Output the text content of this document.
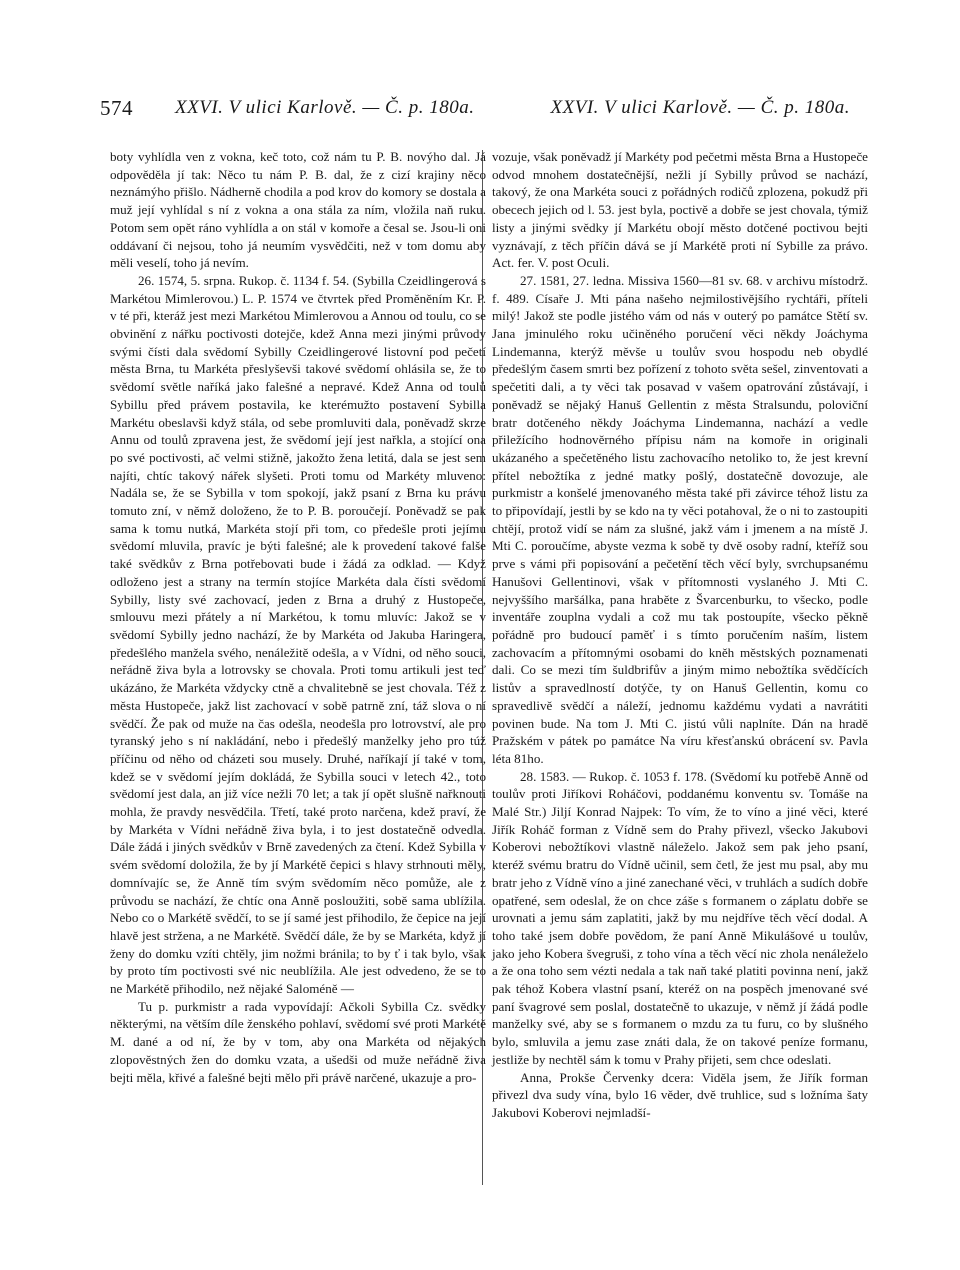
574 XXVI. V ulici Karlově. — Č. p. 180a.	XXVI. V ulici Karlově. — Č. p. 180a.

boty vyhlídla ven z vokna, keč toto, což nám tu P. B. novýho dal. Já odpověděla jí tak: Něco tu nám P. B. dal, že z cizí krajiny něco neznámýho přišlo. Nádherně chodila a pod krov do komory se dostala a muž její vyhlídal s ní z vokna a ona stála za ním, vložila naň ruku. Potom sem opět ráno vyhlídla a on stál v komoře a česal se. Jsou-li oni oddávaní či nejsou, toho já neumím vysvědčiti, než v tom domu aby měli veselí, toho já nevím.

26. 1574, 5. srpna. Rukop. č. 1134 f. 54. (Sybilla Czeidlingerová s Markétou Mimlerovou.) L. P. 1574 ve čtvrtek před Proměněním Kr. P. v té při, kteráž jest mezi Markétou Mimlerovou a Annou od toulu, co se obvinění z nářku poctivosti dotejče, kdež Anna mezi jinými průvody svými čísti dala svědomí Sybilly Czeidlingerové listovní pod pečetí města Brna, tu Markéta přeslyševši takové svědomí ohlásila se, že to svědomí světle naříká jako falešné a nepravé. Kdež Anna od toulů Sybillu před právem postavila, ke kterémužto postavení Sybilla Markétu obeslavši když stála, od sebe promluviti dala, poněvadž skrze Annu od toulů zpravena jest, že svědomí její jest nařkla, a stojící ona po své poctivosti, ač velmi stižně, jakožto žena letitá, dala se jest sem najíti, chtíc takový nářek slyšeti. Proti tomu od Markéty mluveno: Nadála se, že se Sybilla v tom spokojí, jakž psaní z Brna ku právu tomuto zní, v němž doloženo, že to P. B. poroučejí. Poněvadž se pak sama k tomu nutká, Markéta stojí při tom, co předešle proti jejímu svědomí mluvila, pravíc je býti falešné; ale k provedení takové falše také svědkův z Brna potřebovati bude i žádá za odklad. — Když odloženo jest a strany na termín stojíce Markéta dala čísti svědomí Sybilly, listy své zachovací, jeden z Brna a druhý z Hustopeče, smlouvu mezi přátely a ní Markétou, k tomu mluvíc: Jakož se v svědomí Sybilly jedno nachází, že by Markéta od Jakuba Haringera, předešlého manžela svého, nenáležitě odešla, a v Vídni, od něho souci, neřádně živa byla a lotrovsky se chovala. Proti tomu artikuli jest teď ukázáno, že Markéta vždycky ctně a chvalitebně se jest chovala. Též z města Hustopeče, jakž list zachovací v sobě patrně zní, táž slova o ní svědčí. Že pak od muže na čas odešla, neodešla pro lotrovství, ale pro tyranský jeho s ní nakládání, nebo i předešlý manželky jeho pro túž příčinu od něho od cházeti sou musely. Druhé, naříkají jí také v tom, kdež se v svědomí jejím dokládá, že Sybilla souci v letech 42., toto svědomí jest dala, an již více nežli 70 let; a tak jí opět slušně nařknouti mohla, že pravdy nesvědčila. Třetí, také proto narčena, kdež praví, že by Markéta v Vídni neřádně živa byla, i to jest dostatečně odvedla. Dále žádá i jiných svědkův v Brně zavedených za čtení. Kdež Sybilla v svém svědomí doložila, že by jí Markétě čepici s hlavy strhnouti měly, domnívajíc se, že Anně tím svým svědomím něco pomůže, ale z průvodu se nachází, že chtíc ona Anně posloužiti, sobě sama ublížila. Nebo co o Markétě svědčí, to se jí samé jest přihodilo, že čepice na její hlavě jest stržena, a ne Markétě. Svědčí dále, že by se Markéta, když jí ženy do domku vzíti chtěly, jim nožmi bránila; to by ť i tak bylo, však by proto tím poctivosti své nic neublížila. Ale jest odvedeno, že se to ne Markétě přihodilo, než nějaké Saloméně —

Tu p. purkmistr a rada vypovídají: Ačkoli Sybilla Cz. svědky některými, na větším díle ženského pohlaví, svědomí své proti Markétě M. dané a od ní, že by v tom, aby ona Markéta od nějakých zlopověstných žen do domku vzata, a ušedši od muže neřádně živa bejti měla, křivé a falešné bejti mělo při právě narčené, ukazuje a pro-

vozuje, však poněvadž jí Markéty pod pečetmi města Brna a Hustopeče odvod mnohem dostatečnější, nežli jí Sybilly průvod se nachází, takový, že ona Markéta souci z pořádných rodičů zplozena, pokudž při obecech jejich od l. 53. jest byla, poctivě a dobře se jest chovala, týmiž listy a jinými svědky jí Markétu obojí město dotčené poctivou bejti vyznávají, z těch příčin dává se jí Markétě proti ní Sybille za právo. Act. fer. V. post Oculi.

27. 1581, 27. ledna. Missiva 1560—81 sv. 68. v archivu místodrž. f. 489. Císaře J. Mti pána našeho nejmilostivějšího rychtáři, příteli milý! Jakož ste podle jistého vám od nás v outerý po památce Stětí sv. Jana jminulého roku učiněného poručení věci někdy Joáchyma Lindemanna, kterýž měvše u toulův svou hospodu neb obydlé předešlým časem smrti bez pořízení z tohoto světa sešel, zinventovati a spečetiti dali, a ty věci tak posavad v vašem opatrování zůstávají, i poněvadž se nějaký Hanuš Gellentin z města Stralsundu, poloviční bratr dotčeného někdy Joáchyma Lindemanna, nachází a vedle přiležícího hodnověrného přípisu nám na komoře in originali ukázaného a spečetěného listu zachovacího netoliko to, že jest krevní přítel nebožtíka z jedné matky pošlý, dostatečně dovozuje, ale purkmistr a konšelé jmenovaného města také při závirce téhož listu za to připovídají, jestli by se kdo na ty věci potahoval, že o ni to zastoupiti chtějí, protož vidí se nám za slušné, jakž vám i jmenem a na místě J. Mti C. poroučíme, abyste vezma k sobě ty dvě osoby radní, kteříž sou prve s vámi při popisování a pečetění těch věcí byly, svrchupsanému Hanušovi Gellentinovi, však v přítomnosti vyslaného J. Mti C. nejvyššího maršálka, pana hraběte z Švarcenburku, to všecko, podle inventáře zouplna vydali a což mu tak postoupíte, všecko pěkně pořádně pro budoucí paměť i s tímto poručením naším, listem zachovacím a přítomnými osobami do kněh městských poznamenati dali. Co se mezi tím šuldbrifův a jiným mimo nebožtíka svědčících listův a spravedlností dotýče, ty on Hanuš Gellentin, komu co spravedlivě svědčí a náleží, jednomu každému vydati a navrátiti povinen bude. Na tom J. Mti C. jistú vůli naplníte. Dán na hradě Pražském v pátek po památce Na víru křesťanskú obrácení sv. Pavla léta 81ho.

28. 1583. — Rukop. č. 1053 f. 178. (Svědomí ku potřebě Anně od toulův proti Jiříkovi Roháčovi, poddanému konventu sv. Tomáše na Malé Str.) Jiljí Konrad Najpek: To vím, že to víno a jiné věci, které Jiřík Roháč forman z Vídně sem do Prahy přivezl, všecko Jakubovi Koberovi nebožtíkovi vlastně náleželo. Jakož sem pak jeho psaní, kteréž svému bratru do Vídně učinil, sem četl, že jest mu psal, aby mu bratr jeho z Vídně víno a jiné zanechané věci, v truhlách a sudích dobře opatřené, sem odeslal, že on chce záše s formanem o záplatu dobře se urovnati a jemu sám zaplatiti, jakž by mu nejdříve těch věcí dodal. A toho také jsem dobře povědom, že paní Anně Mikulášové u toulův, jako jeho Kobera švegruši, z toho vína a těch věcí nic zhola nenáleželo a že ona toho sem vézti nedala a tak naň také platiti povinna není, jakž pak téhož Kobera vlastní psaní, kteréž on na pospěch jmenované své paní švagrové sem poslal, dostatečně to ukazuje, v němž jí žádá podle manželky své, aby se s formanem o mzdu za tu furu, co by slušného bylo, smluvila a jemu zase znáti dala, že on takové peníze formanu, jestliže by nechtěl sám k tomu v Prahy přijeti, sem chce odeslati.

Anna, Prokše Červenky dcera: Viděla jsem, že Jiřík forman přivezl dva sudy vína, bylo 16 věder, dvě truhlice, sud s ložníma šaty Jakubovi Koberovi nejmladší-
